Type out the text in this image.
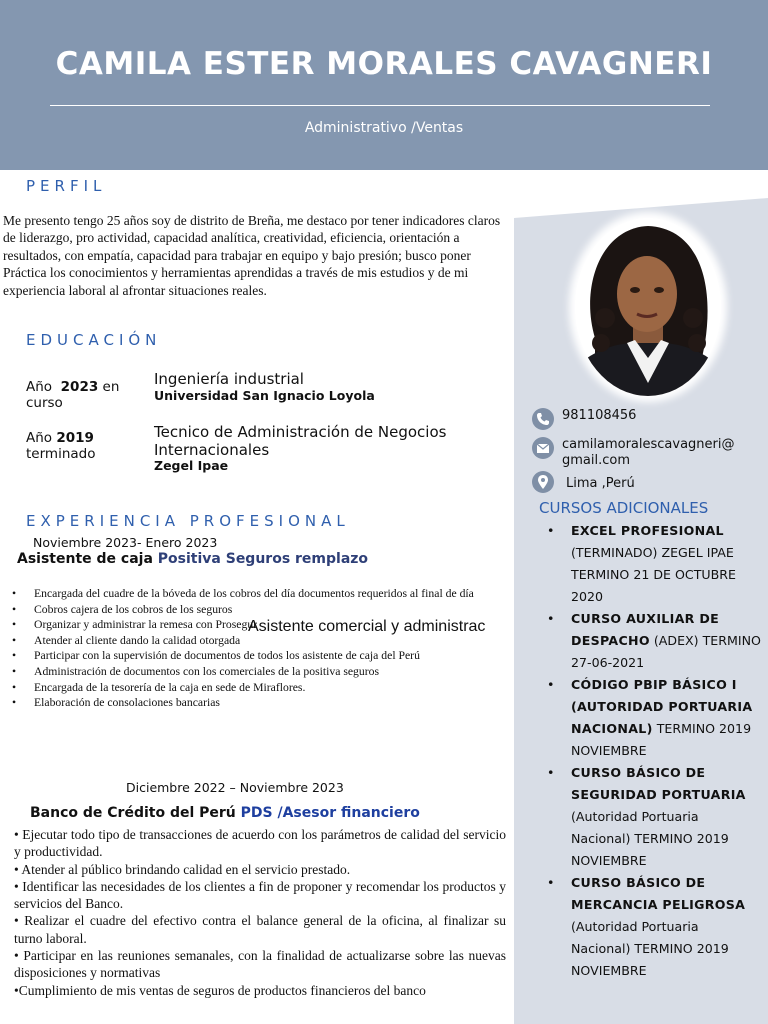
CAMILA ESTER MORALES CAVAGNERI
Administrativo /Ventas
PERFIL
Me presento tengo 25 años soy de distrito de Breña, me destaco por tener indicadores claros de liderazgo, pro actividad, capacidad analítica, creatividad, eficiencia, orientación a resultados, con empatía, capacidad para trabajar en equipo y bajo presión; busco poner
Práctica los conocimientos y herramientas aprendidas a través de mis estudios y de mi experiencia laboral al afrontar situaciones reales.
EDUCACIÓN
Año 2023 en curso
Ingeniería industrial
Universidad San Ignacio Loyola
Año 2019
terminado
Tecnico de Administración de Negocios Internacionales
Zegel Ipae
EXPERIENCIA PROFESIONAL
Noviembre 2023- Enero 2023
Asistente de caja Positiva Seguros remplazo
• Encargada del cuadre de la bóveda de los cobros del día documentos requeridos al final de día
• Cobros cajera de los cobros de los seguros
• Organizar y administrar la remesa con Prosegur
• Atender al cliente dando la calidad otorgada
• Participar con la supervisión de documentos de todos los asistente de caja del Perú
• Administración de documentos con los comerciales de la positiva seguros
• Encargada de la tesorería de la caja en sede de Miraflores.
• Elaboración de consolaciones bancarias
Asistente comercial y administrac
Diciembre 2022 – Noviembre 2023
Banco de Crédito del Perú PDS /Asesor financiero
• Ejecutar todo tipo de transacciones de acuerdo con los parámetros de calidad del servicio y productividad.
• Atender al público brindando calidad en el servicio prestado.
• Identificar las necesidades de los clientes a fin de proponer y recomendar los productos y servicios del Banco.
• Realizar el cuadre del efectivo contra el balance general de la oficina, al finalizar su turno laboral.
• Participar en las reuniones semanales, con la finalidad de actualizarse sobre las nuevas disposiciones y normativas
•Cumplimiento de mis ventas de seguros de productos financieros del banco
981108456
camilamoralescavagneri@gmail.com
Lima ,Perú
CURSOS ADICIONALES
• EXCEL PROFESIONAL (TERMINADO) ZEGEL IPAE TERMINO 21 DE OCTUBRE 2020
• CURSO AUXILIAR DE DESPACHO (ADEX) TERMINO 27-06-2021
• CÓDIGO PBIP BÁSICO I (AUTORIDAD PORTUARIA NACIONAL) TERMINO 2019 NOVIEMBRE
• CURSO BÁSICO DE SEGURIDAD PORTUARIA (Autoridad Portuaria Nacional) TERMINO 2019 NOVIEMBRE
• CURSO BÁSICO DE MERCANCIA PELIGROSA (Autoridad Portuaria Nacional) TERMINO 2019 NOVIEMBRE
